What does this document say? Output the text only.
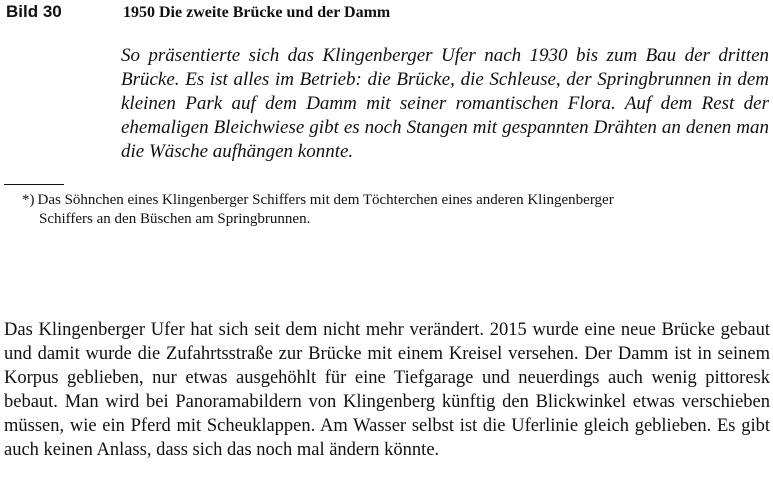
Bild 30	1950 Die zweite Brücke und der Damm

So präsentierte sich das Klingenberger Ufer nach 1930 bis zum Bau der dritten Brücke. Es ist alles im Betrieb: die Brücke, die Schleuse, der Springbrunnen in dem kleinen Park auf dem Damm mit seiner romantischen Flora. Auf dem Rest der ehemaligen Bleichwiese gibt es noch Stangen mit gespannten Drähten an denen man die Wäsche aufhängen konnte.

*) Das Söhnchen eines Klingenberger Schiffers mit dem Töchterchen eines anderen Klingenberger
Schiffers an den Büschen am Springbrunnen.

Das Klingenberger Ufer hat sich seit dem nicht mehr verändert. 2015 wurde eine neue Brücke gebaut und damit wurde die Zufahrtsstraße zur Brücke mit einem Kreisel versehen. Der Damm ist in seinem Korpus geblieben, nur etwas ausgehöhlt für eine Tiefgarage und neuerdings auch wenig pittoresk bebaut. Man wird bei Panoramabildern von Klingenberg künftig den Blickwinkel etwas verschieben müssen, wie ein Pferd mit Scheuklappen. Am Wasser selbst ist die Uferlinie gleich geblieben. Es gibt auch keinen Anlass, dass sich das noch mal ändern könnte.
